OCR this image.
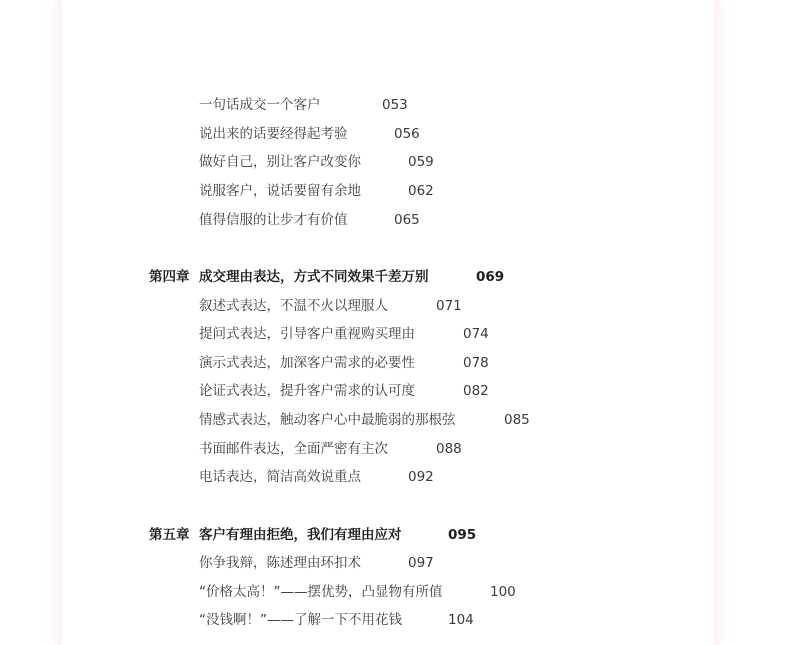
一句话成交一个客户	053
说出来的话要经得起考验	056
做好自己，别让客户改变你	059
说服客户，说话要留有余地	062
值得信服的让步才有价值	065
第四章 成交理由表达，方式不同效果千差万别	069
叙述式表达，不温不火以理服人	071
提问式表达，引导客户重视购买理由	074
演示式表达，加深客户需求的必要性	078
论证式表达，提升客户需求的认可度	082
情感式表达，触动客户心中最脆弱的那根弦	085
书面邮件表达，全面严密有主次	088
电话表达，简洁高效说重点	092
第五章 客户有理由拒绝，我们有理由应对	095
你争我辩，陈述理由环扣术	097
“价格太高！”——摆优势，凸显物有所值	100
“没钱啊！”——了解一下不用花钱	104
